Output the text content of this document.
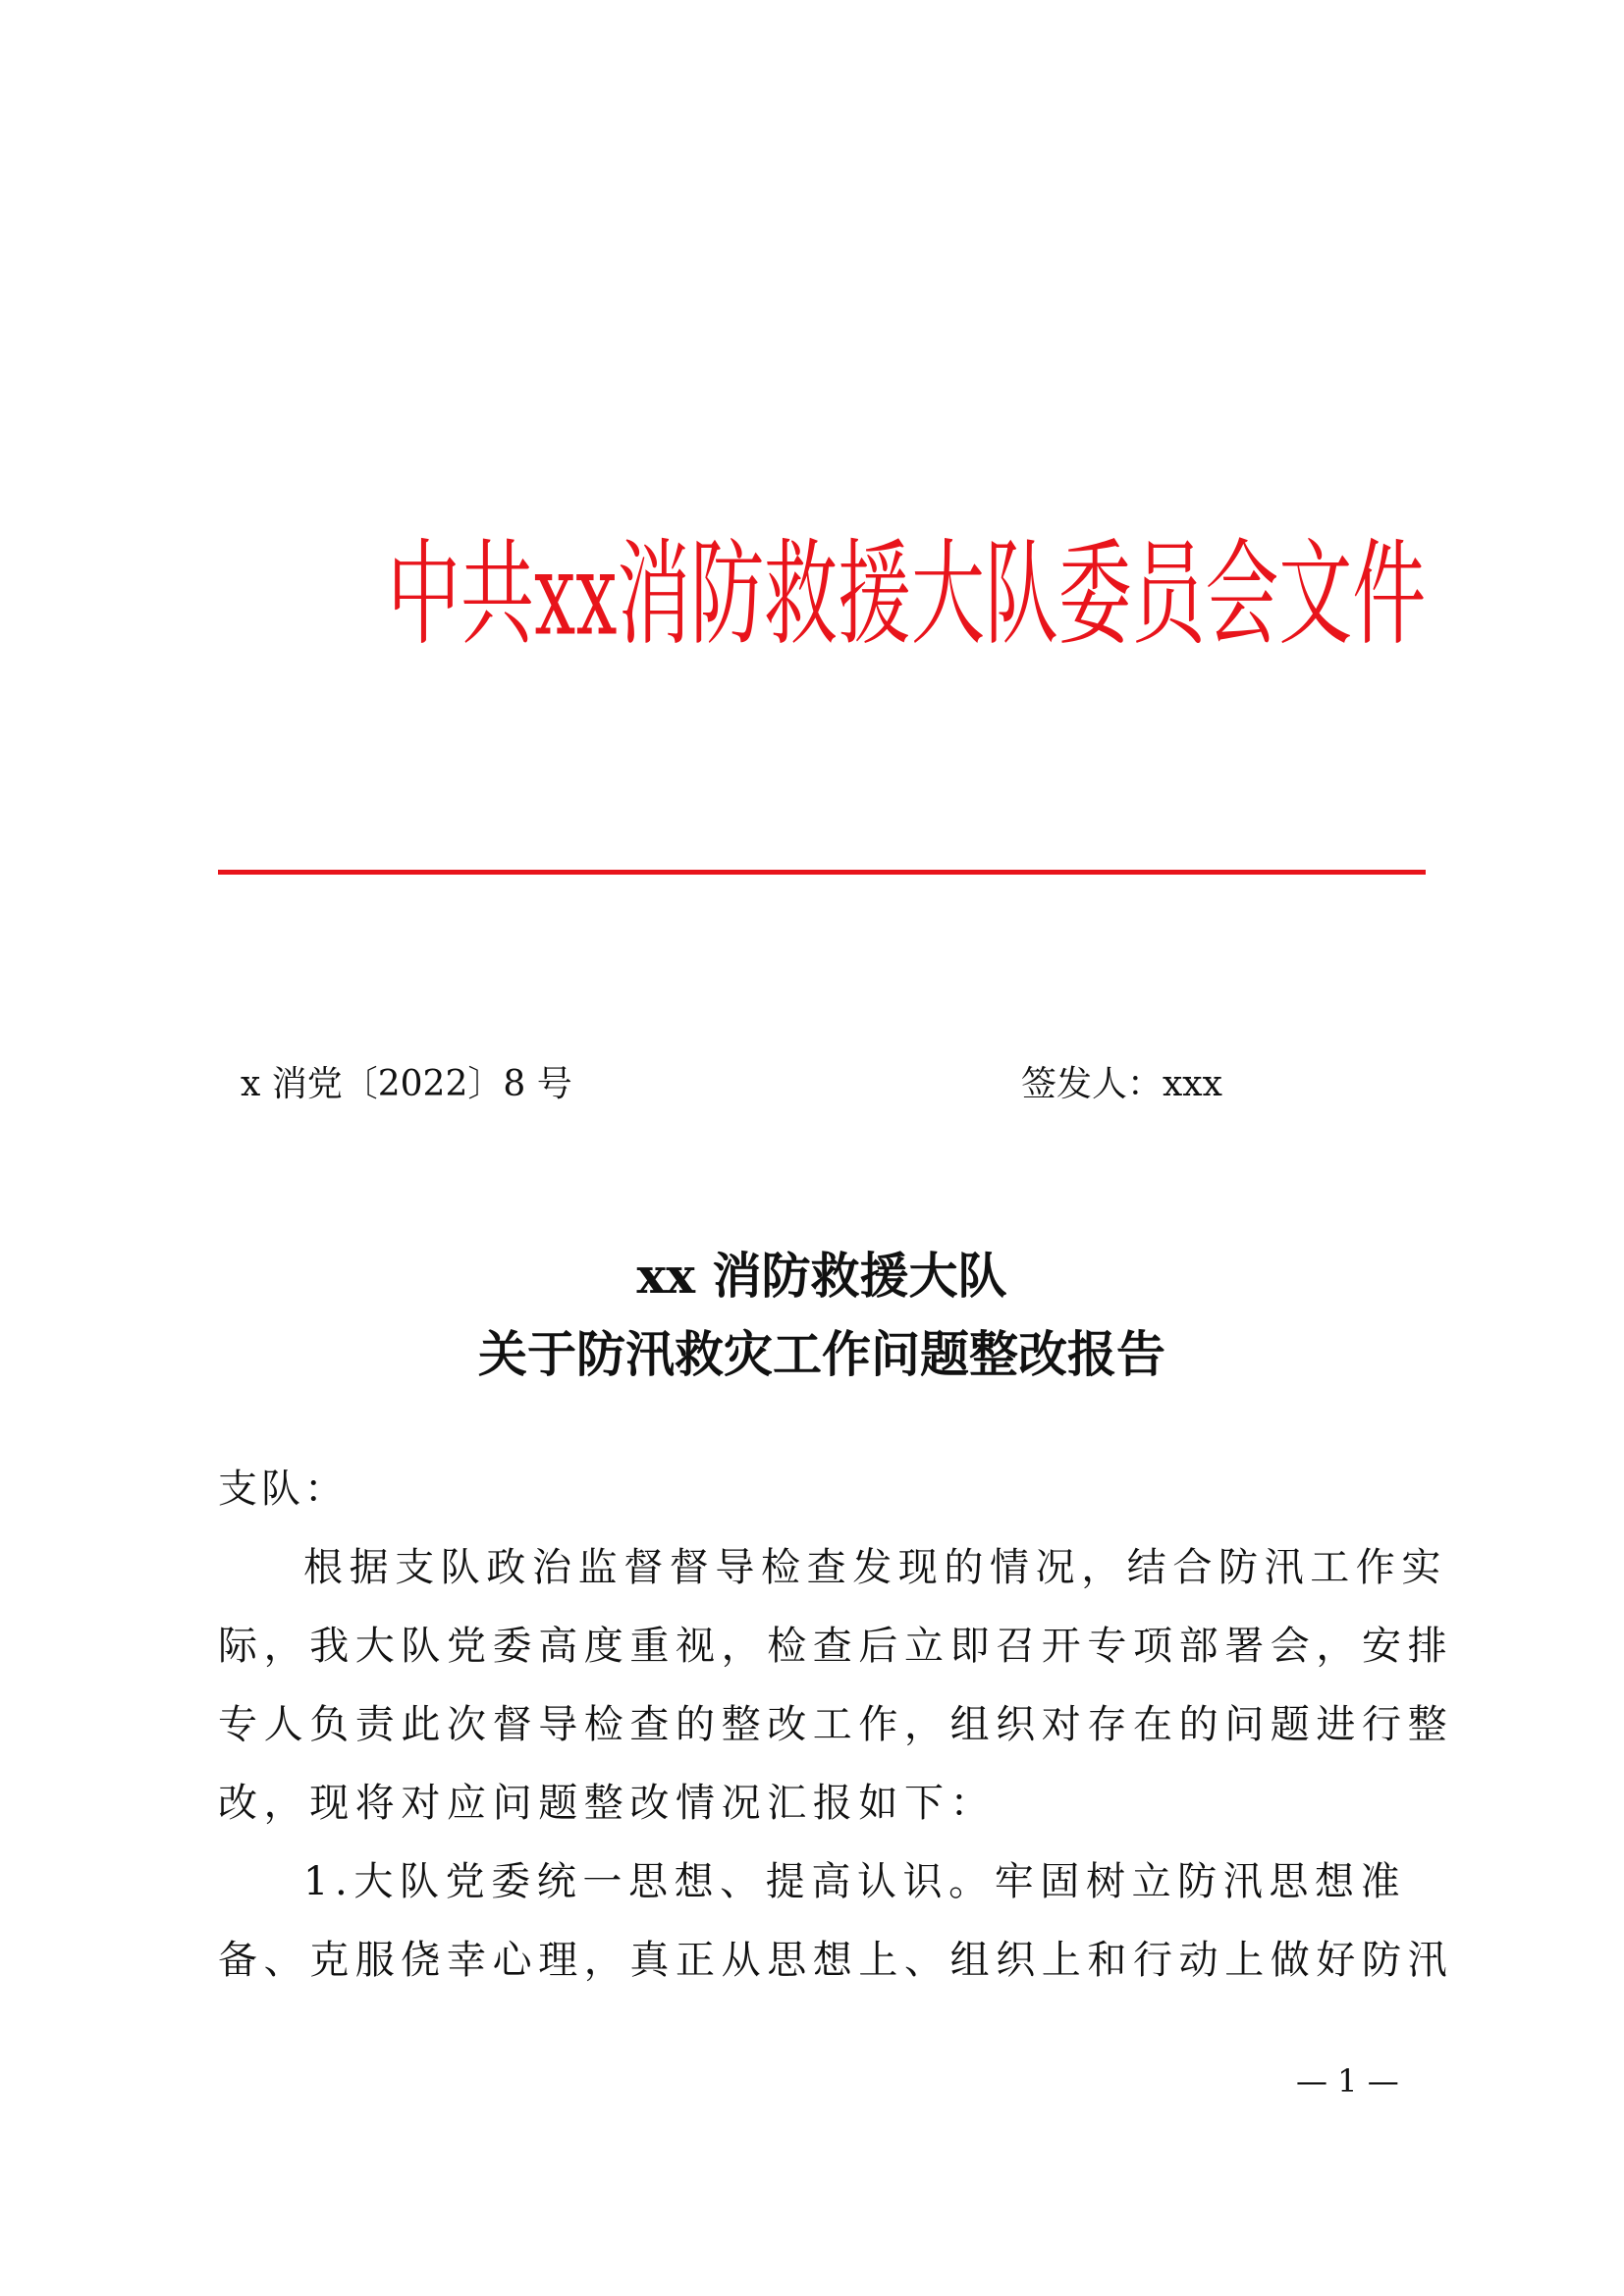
中共xx消防救援大队委员会文件
x 消党〔2022〕8 号	签发人：xxx
xx 消防救援大队
关于防汛救灾工作问题整改报告
支队：
根据支队政治监督督导检查发现的情况，结合防汛工作实
际，我大队党委高度重视，检查后立即召开专项部署会，安排
专人负责此次督导检查的整改工作，组织对存在的问题进行整
改，现将对应问题整改情况汇报如下：
1.大队党委统一思想、提高认识。牢固树立防汛思想准
备、克服侥幸心理，真正从思想上、组织上和行动上做好防汛
— 1 —
